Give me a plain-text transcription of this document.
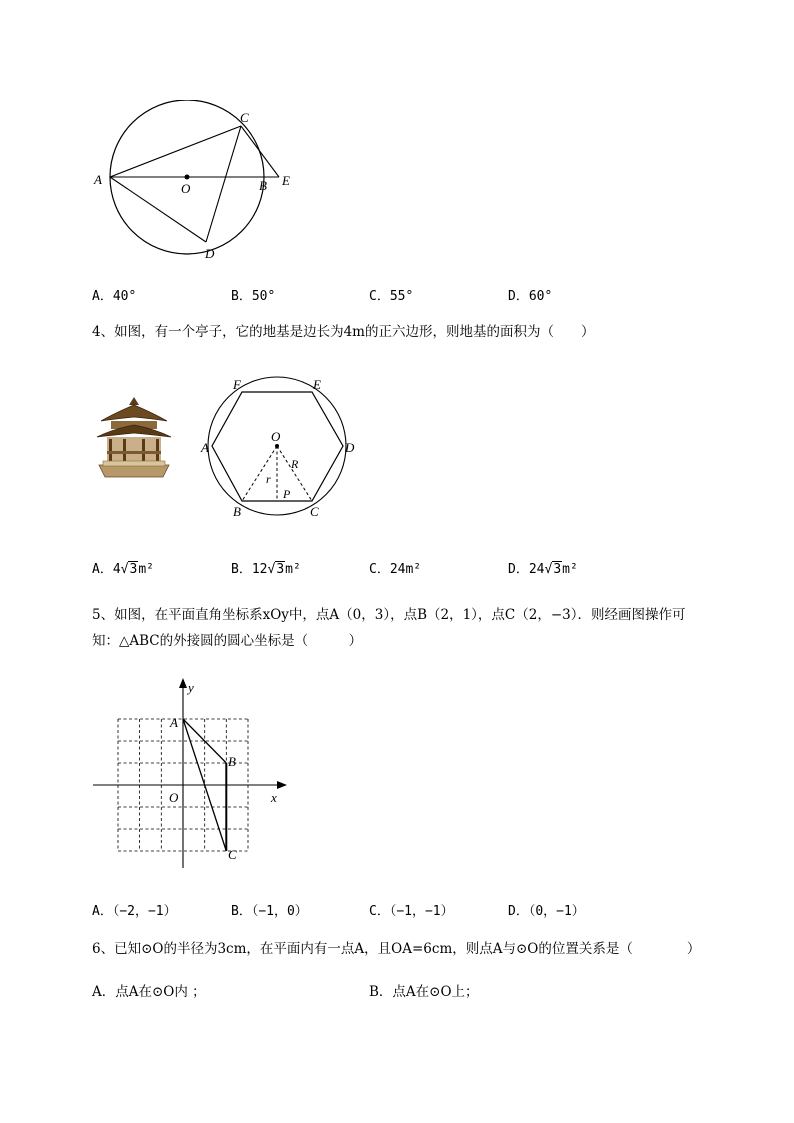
A
O	B
C
D
E
A．40°	B．50°	C．55°	D．60°
4、如图，有一个亭子，它的地基是边长为4m的正六边形，则地基的面积为（　　）
F	E
A	D
O
R
r
P
B	C
A．4√3m²	B．12√3m²	C．24m²	D．24√3m²
5、如图，在平面直角坐标系xOy中，点A（0，3），点B（2，1），点C（2，−3）．则经画图操作可
知：△ABC的外接圆的圆心坐标是（　　　）
y
x
A
B
C
O
A．（−2，−1）	B．（−1，0）	C．（−1，−1）	D．（0，−1）
6、已知⊙O的半径为3cm，在平面内有一点A，且OA=6cm，则点A与⊙O的位置关系是（　　　　）
A．点A在⊙O内 ；	B．点A在⊙O上；
